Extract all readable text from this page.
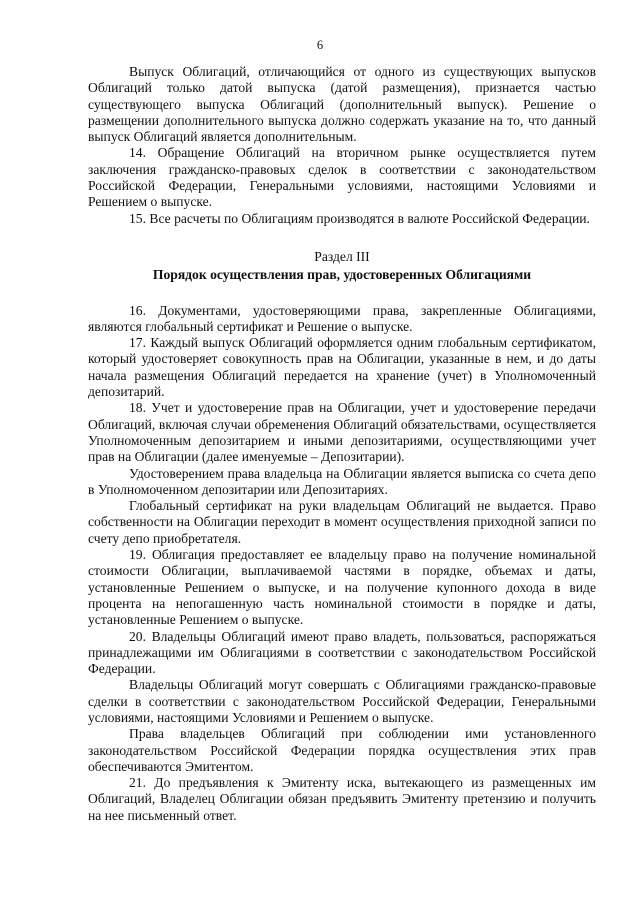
6

Выпуск Облигаций, отличающийся от одного из существующих выпусков Облигаций только датой выпуска (датой размещения), признается частью существующего выпуска Облигаций (дополнительный выпуск). Решение о размещении дополнительного выпуска должно содержать указание на то, что данный выпуск Облигаций является дополнительным.

14. Обращение Облигаций на вторичном рынке осуществляется путем заключения гражданско-правовых сделок в соответствии с законодательством Российской Федерации, Генеральными условиями, настоящими Условиями и Решением о выпуске.

15. Все расчеты по Облигациям производятся в валюте Российской Федерации.

Раздел III

Порядок осуществления прав, удостоверенных Облигациями

16. Документами, удостоверяющими права, закрепленные Облигациями, являются глобальный сертификат и Решение о выпуске.

17. Каждый выпуск Облигаций оформляется одним глобальным сертификатом, который удостоверяет совокупность прав на Облигации, указанные в нем, и до даты начала размещения Облигаций передается на хранение (учет) в Уполномоченный депозитарий.

18. Учет и удостоверение прав на Облигации, учет и удостоверение передачи Облигаций, включая случаи обременения Облигаций обязательствами, осуществляется Уполномоченным депозитарием и иными депозитариями, осуществляющими учет прав на Облигации (далее именуемые – Депозитарии).

Удостоверением права владельца на Облигации является выписка со счета депо в Уполномоченном депозитарии или Депозитариях.

Глобальный сертификат на руки владельцам Облигаций не выдается. Право собственности на Облигации переходит в момент осуществления приходной записи по счету депо приобретателя.

19. Облигация предоставляет ее владельцу право на получение номинальной стоимости Облигации, выплачиваемой частями в порядке, объемах и даты, установленные Решением о выпуске, и на получение купонного дохода в виде процента на непогашенную часть номинальной стоимости в порядке и даты, установленные Решением о выпуске.

20. Владельцы Облигаций имеют право владеть, пользоваться, распоряжаться принадлежащими им Облигациями в соответствии с законодательством Российской Федерации.

Владельцы Облигаций могут совершать с Облигациями гражданско-правовые сделки в соответствии с законодательством Российской Федерации, Генеральными условиями, настоящими Условиями и Решением о выпуске.

Права владельцев Облигаций при соблюдении ими установленного законодательством Российской Федерации порядка осуществления этих прав обеспечиваются Эмитентом.

21. До предъявления к Эмитенту иска, вытекающего из размещенных им Облигаций, Владелец Облигации обязан предъявить Эмитенту претензию и получить на нее письменный ответ.
